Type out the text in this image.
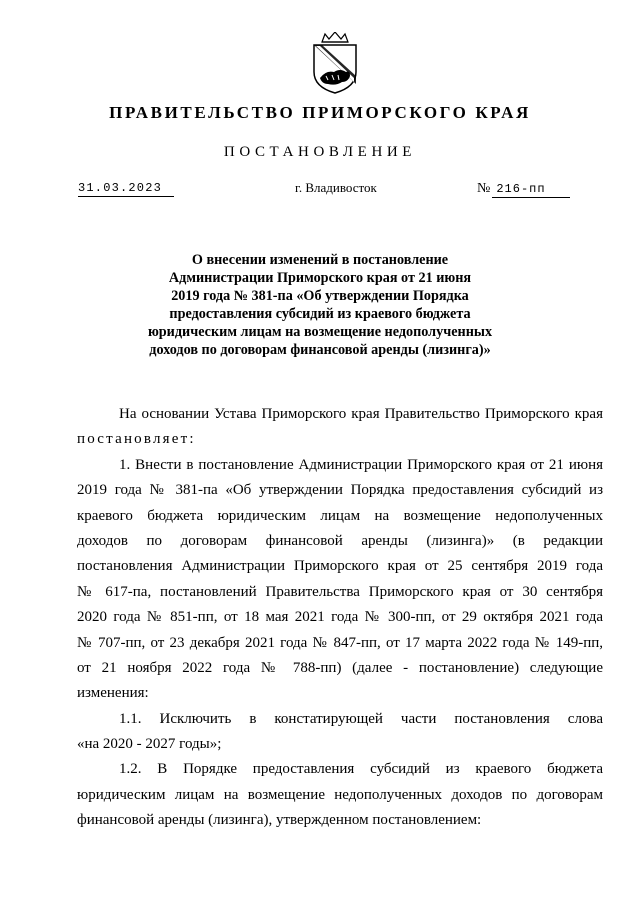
ПРАВИТЕЛЬСТВО ПРИМОРСКОГО КРАЯ
ПОСТАНОВЛЕНИЕ
31.03.2023	г. Владивосток	№ 216-пп
О внесении изменений в постановление
Администрации Приморского края от 21 июня
2019 года № 381-па «Об утверждении Порядка
предоставления субсидий из краевого бюджета
юридическим лицам на возмещение недополученных
доходов по договорам финансовой аренды (лизинга)»
На основании Устава Приморского края Правительство Приморского края
постановляет:
1. Внести в постановление Администрации Приморского края от 21 июня
2019 года № 381-па «Об утверждении Порядка предоставления субсидий из
краевого бюджета юридическим лицам на возмещение недополученных
доходов по договорам финансовой аренды (лизинга)» (в редакции
постановления Администрации Приморского края от 25 сентября 2019 года
№ 617-па, постановлений Правительства Приморского края от 30 сентября
2020 года № 851-пп, от 18 мая 2021 года № 300-пп, от 29 октября 2021 года
№ 707-пп, от 23 декабря 2021 года № 847-пп, от 17 марта 2022 года № 149-пп,
от 21 ноября 2022 года № 788-пп) (далее - постановление) следующие
изменения:
1.1. Исключить в констатирующей части постановления слова
«на 2020 - 2027 годы»;
1.2. В Порядке предоставления субсидий из краевого бюджета
юридическим лицам на возмещение недополученных доходов по договорам
финансовой аренды (лизинга), утвержденном постановлением:
